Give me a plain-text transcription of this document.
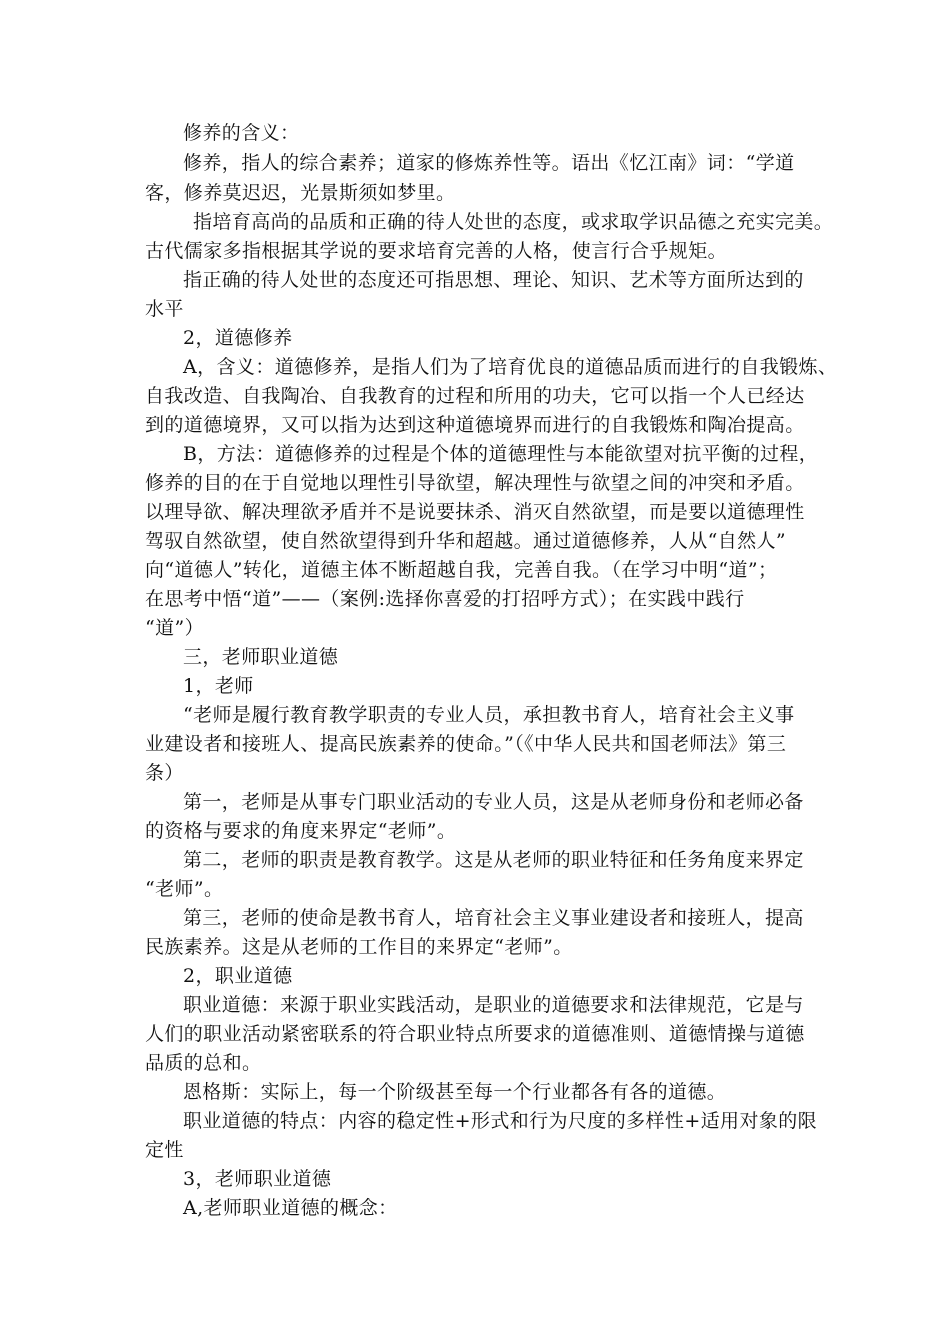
修养的含义：
修养，指人的综合素养；道家的修炼养性等。语出《忆江南》词：“学道
客，修养莫迟迟，光景斯须如梦里。
指培育高尚的品质和正确的待人处世的态度，或求取学识品德之充实完美。
古代儒家多指根据其学说的要求培育完善的人格，使言行合乎规矩。
指正确的待人处世的态度还可指思想、理论、知识、艺术等方面所达到的
水平
2，道德修养
A，含义：道德修养，是指人们为了培育优良的道德品质而进行的自我锻炼、
自我改造、自我陶冶、自我教育的过程和所用的功夫，它可以指一个人已经达
到的道德境界，又可以指为达到这种道德境界而进行的自我锻炼和陶冶提高。
B，方法：道德修养的过程是个体的道德理性与本能欲望对抗平衡的过程，
修养的目的在于自觉地以理性引导欲望，解决理性与欲望之间的冲突和矛盾。
以理导欲、解决理欲矛盾并不是说要抹杀、消灭自然欲望，而是要以道德理性
驾驭自然欲望，使自然欲望得到升华和超越。通过道德修养，人从“自然人”
向“道德人”转化，道德主体不断超越自我，完善自我。（在学习中明“道”；
在思考中悟“道”——（案例:选择你喜爱的打招呼方式）；在实践中践行
“道”）
三，老师职业道德
1，老师
“老师是履行教育教学职责的专业人员，承担教书育人，培育社会主义事
业建设者和接班人、提高民族素养的使命。”（《中华人民共和国老师法》第三
条）
第一，老师是从事专门职业活动的专业人员，这是从老师身份和老师必备
的资格与要求的角度来界定“老师”。
第二，老师的职责是教育教学。这是从老师的职业特征和任务角度来界定
“老师”。
第三，老师的使命是教书育人，培育社会主义事业建设者和接班人，提高
民族素养。这是从老师的工作目的来界定“老师”。
2，职业道德
职业道德：来源于职业实践活动，是职业的道德要求和法律规范，它是与
人们的职业活动紧密联系的符合职业特点所要求的道德准则、道德情操与道德
品质的总和。
恩格斯：实际上，每一个阶级甚至每一个行业都各有各的道德。
职业道德的特点：内容的稳定性+形式和行为尺度的多样性+适用对象的限
定性
3，老师职业道德
A,老师职业道德的概念：
